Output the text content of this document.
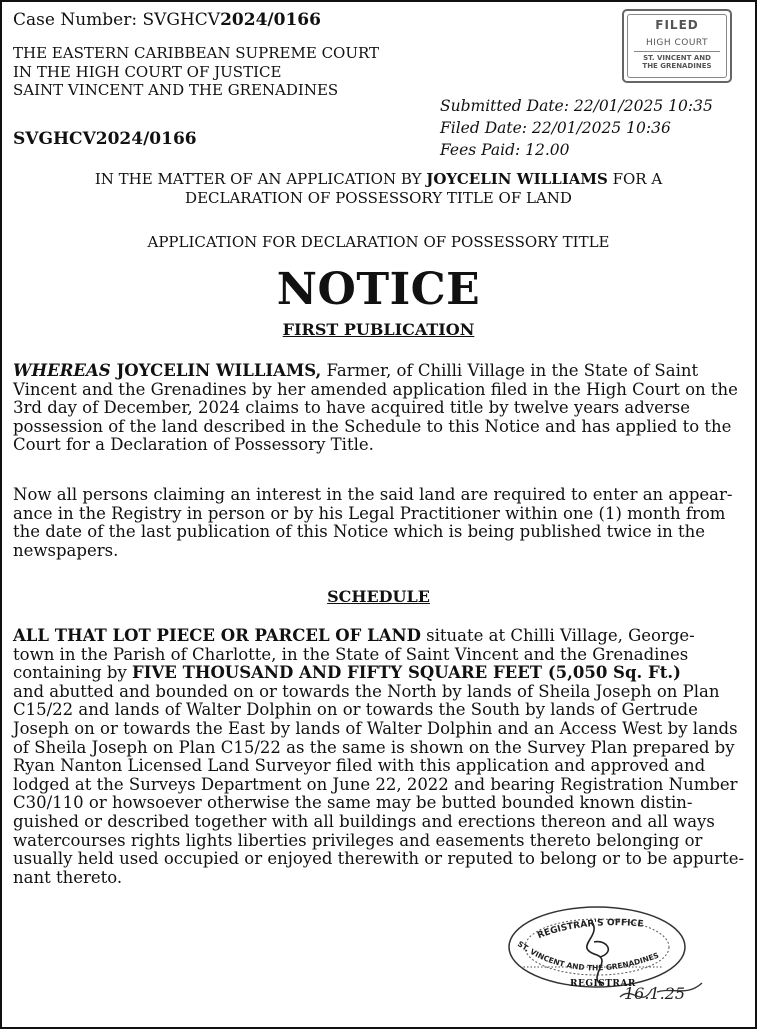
Case Number: SVGHCV2024/0166
THE EASTERN CARIBBEAN SUPREME COURT
IN THE HIGH COURT OF JUSTICE
SAINT VINCENT AND THE GRENADINES
SVGHCV2024/0166
Submitted Date: 22/01/2025 10:35
Filed Date: 22/01/2025 10:36
Fees Paid: 12.00
FILED
HIGH COURT
ST. VINCENT AND
THE GRENADINES
IN THE MATTER OF AN APPLICATION BY JOYCELIN WILLIAMS FOR A
DECLARATION OF POSSESSORY TITLE OF LAND
APPLICATION FOR DECLARATION OF POSSESSORY TITLE
NOTICE
FIRST PUBLICATION
WHEREAS JOYCELIN WILLIAMS, Farmer, of Chilli Village in the State of Saint
Vincent and the Grenadines by her amended application filed in the High Court on the
3rd day of December, 2024 claims to have acquired title by twelve years adverse
possession of the land described in the Schedule to this Notice and has applied to the
Court for a Declaration of Possessory Title.
Now all persons claiming an interest in the said land are required to enter an appear-
ance in the Registry in person or by his Legal Practitioner within one (1) month from
the date of the last publication of this Notice which is being published twice in the
newspapers.
SCHEDULE
ALL THAT LOT PIECE OR PARCEL OF LAND situate at Chilli Village, George-
town in the Parish of Charlotte, in the State of Saint Vincent and the Grenadines
containing by FIVE THOUSAND AND FIFTY SQUARE FEET (5,050 Sq. Ft.)
and abutted and bounded on or towards the North by lands of Sheila Joseph on Plan
C15/22 and lands of Walter Dolphin on or towards the South by lands of Gertrude
Joseph on or towards the East by lands of Walter Dolphin and an Access West by lands
of Sheila Joseph on Plan C15/22 as the same is shown on the Survey Plan prepared by
Ryan Nanton Licensed Land Surveyor filed with this application and approved and
lodged at the Surveys Department on June 22, 2022 and bearing Registration Number
C30/110 or howsoever otherwise the same may be butted bounded known distin-
guished or described together with all buildings and erections thereon and all ways
watercourses rights lights liberties privileges and easements thereto belonging or
usually held used occupied or enjoyed therewith or reputed to belong or to be appurte-
nant thereto.
REGISTRAR'S OFFICE
ST. VINCENT AND THE GRENADINES
16.1.25
REGISTRAR
